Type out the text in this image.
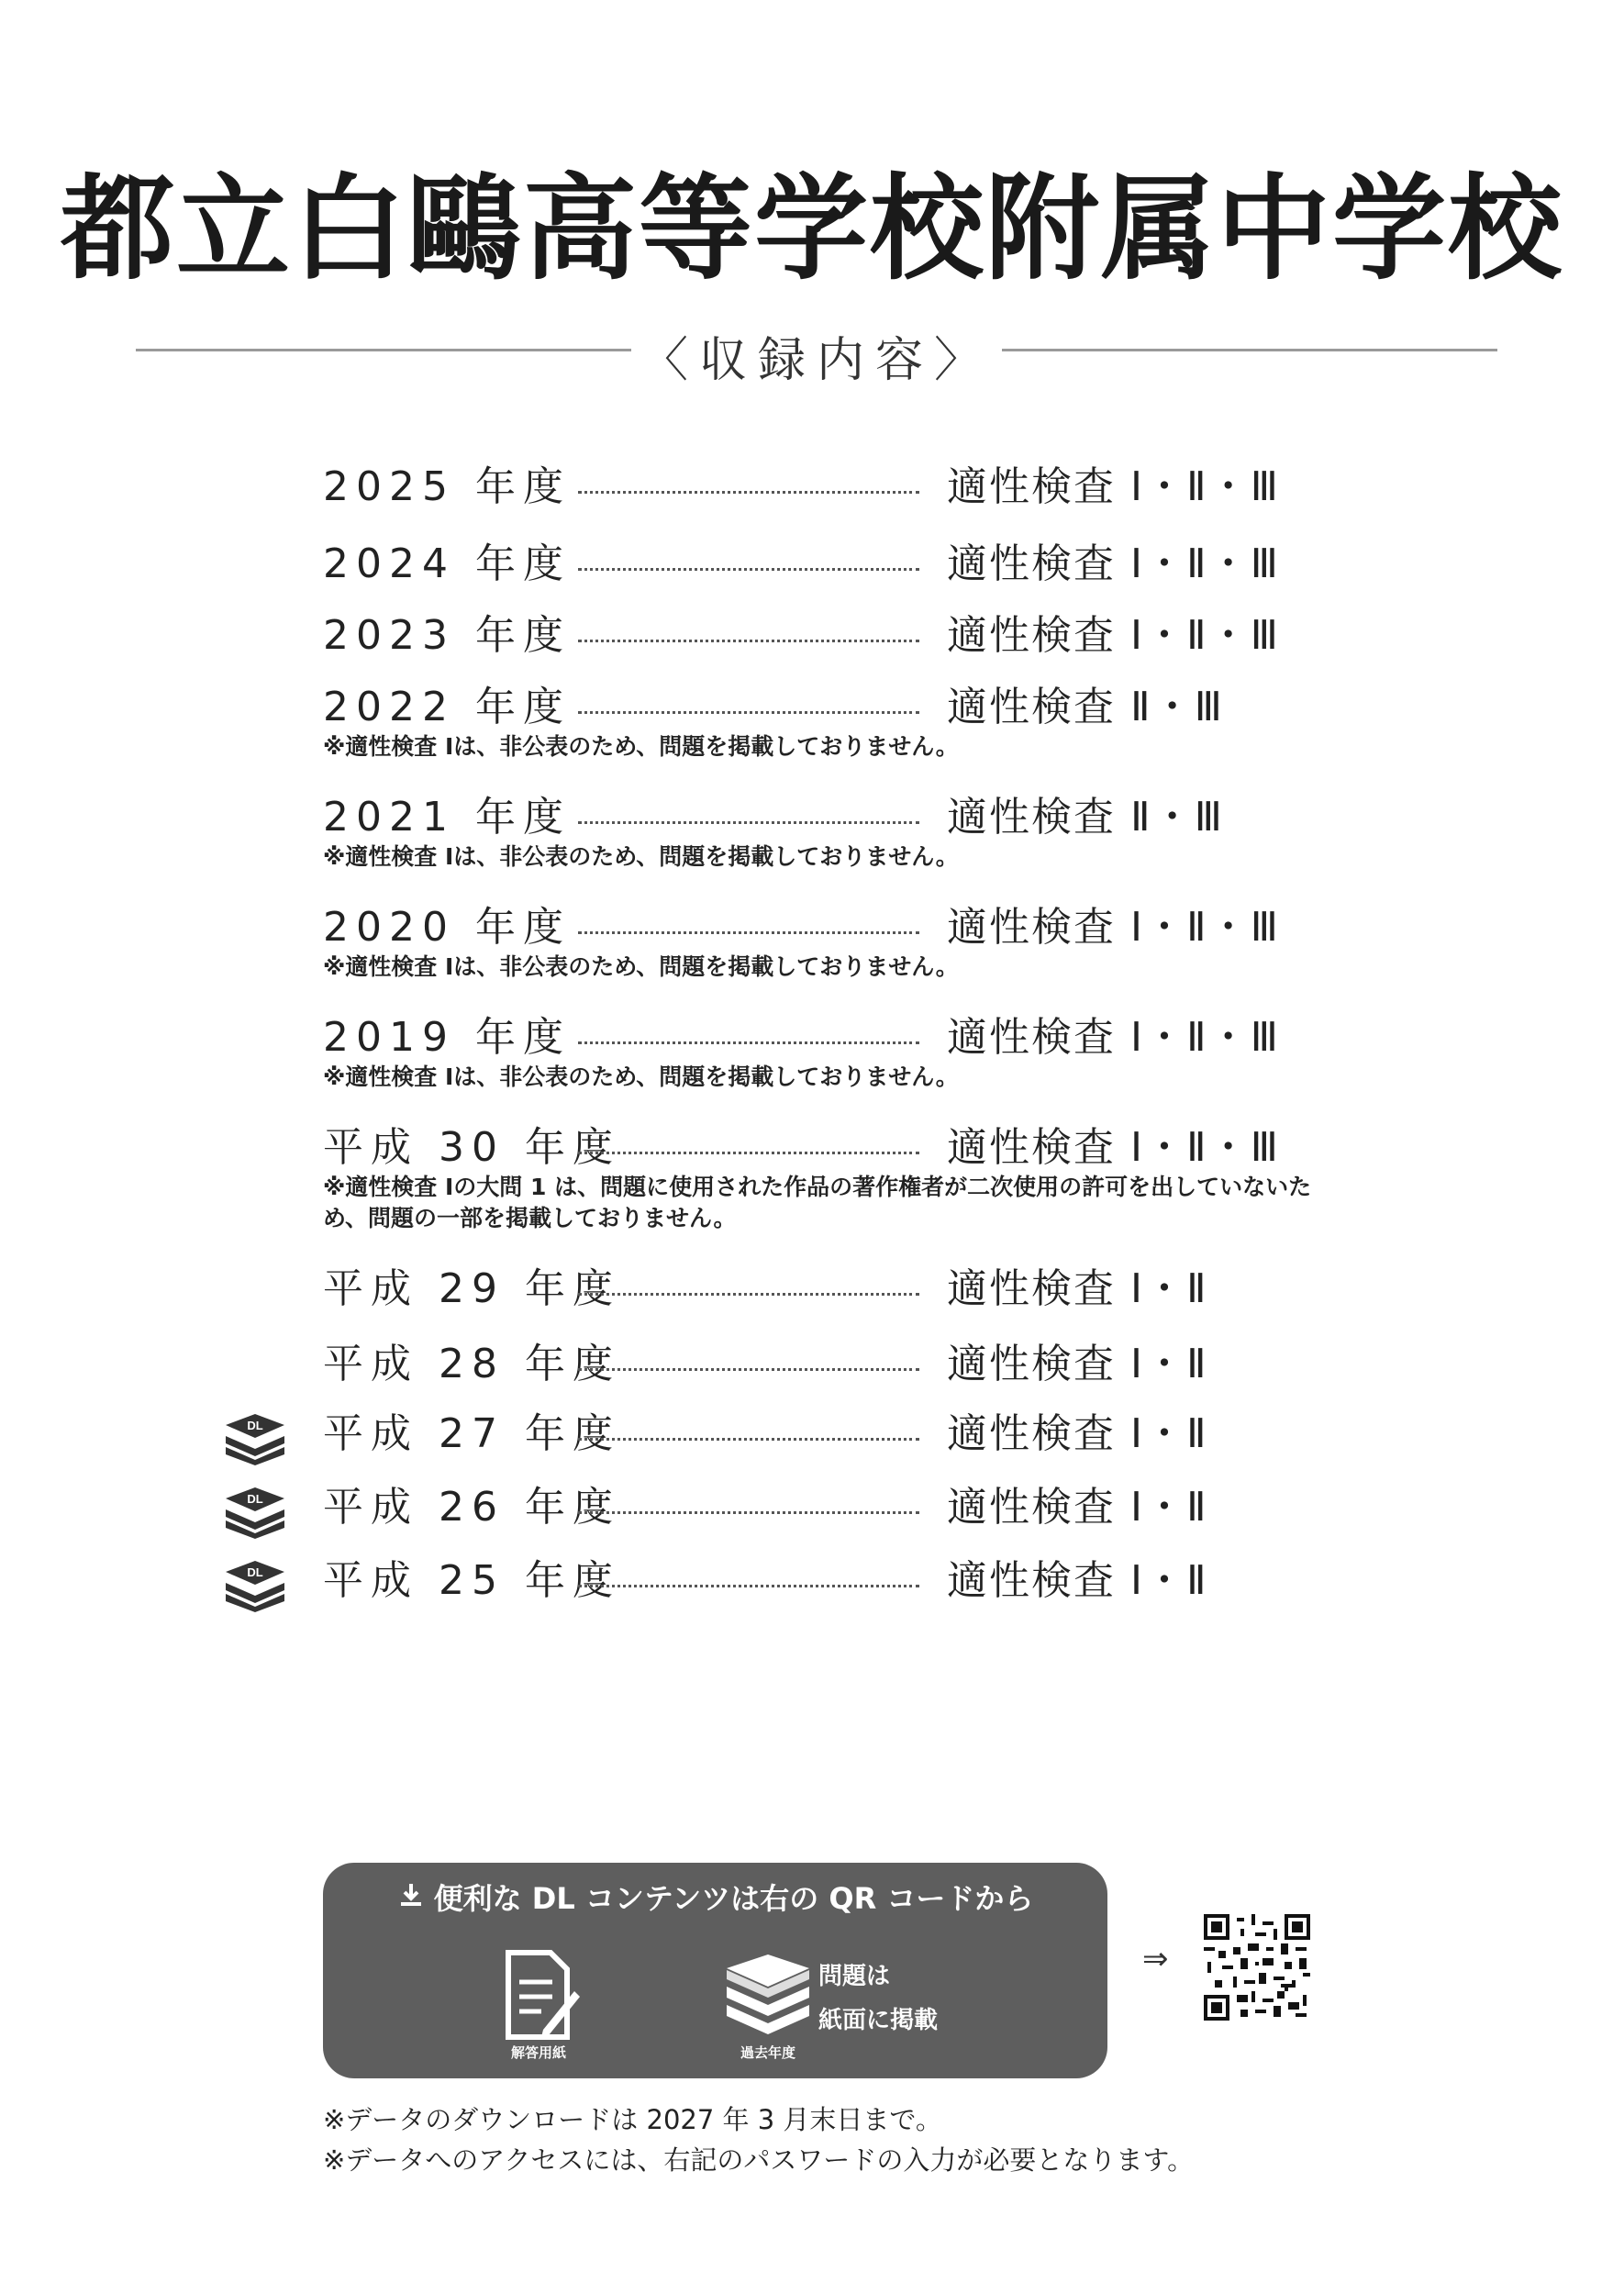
都立白鷗高等学校附属中学校
〈収録内容〉
2025 年度	適性検査 Ⅰ・Ⅱ・Ⅲ
2024 年度	適性検査 Ⅰ・Ⅱ・Ⅲ
2023 年度	適性検査 Ⅰ・Ⅱ・Ⅲ
2022 年度	適性検査 Ⅱ・Ⅲ
※適性検査 Ⅰは、非公表のため、問題を掲載しておりません。
2021 年度	適性検査 Ⅱ・Ⅲ
※適性検査 Ⅰは、非公表のため、問題を掲載しておりません。
2020 年度	適性検査 Ⅰ・Ⅱ・Ⅲ
※適性検査 Ⅰは、非公表のため、問題を掲載しておりません。
2019 年度	適性検査 Ⅰ・Ⅱ・Ⅲ
※適性検査 Ⅰは、非公表のため、問題を掲載しておりません。
平成 30 年度	適性検査 Ⅰ・Ⅱ・Ⅲ
※適性検査 Ⅰの大問 1 は、問題に使用された作品の著作権者が二次使用の許可を出していないため、問題の一部を掲載しておりません。
平成 29 年度	適性検査 Ⅰ・Ⅱ
平成 28 年度	適性検査 Ⅰ・Ⅱ
DL 平成 27 年度	適性検査 Ⅰ・Ⅱ
DL 平成 26 年度	適性検査 Ⅰ・Ⅱ
DL 平成 25 年度	適性検査 Ⅰ・Ⅱ
便利な DL コンテンツは右の QR コードから
解答用紙	過去年度
問題は
紙面に掲載
⇒
※データのダウンロードは 2027 年 3 月末日まで。
※データへのアクセスには、右記のパスワードの入力が必要となります。
